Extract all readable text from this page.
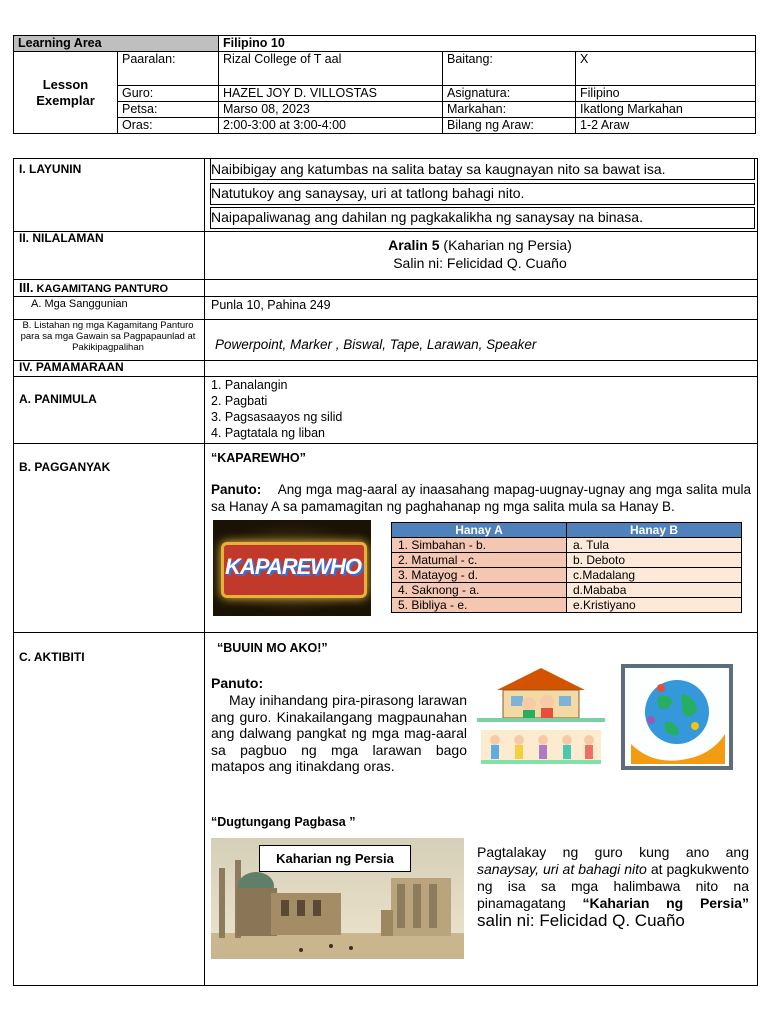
Learning Area		Filipino 10		
Lesson Exemplar	Paaralan:	Rizal College of T aal	Baitang:	X
	Guro:	HAZEL JOY D. VILLOSTAS	Asignatura:	Filipino
	Petsa:	Marso 08, 2023	Markahan:	Ikatlong Markahan
	Oras:	2:00-3:00 at 3:00-4:00	Bilang ng Araw:	1-2 Araw
I. LAYUNIN	Naibibigay ang katumbas na salita batay sa kaugnayan nito sa bawat isa.
Natutukoy ang sanaysay, uri at tatlong bahagi nito.
Naipapaliwanag ang dahilan ng pagkakalikha ng sanaysay na binasa.
II. NILALAMAN	Aralin 5 (Kaharian ng Persia)
Salin ni: Felicidad Q. Cuaño
III. KAGAMITANG PANTURO
A. Mga Sanggunian	Punla 10, Pahina 249
B. Listahan ng mga Kagamitang Panturo para sa mga Gawain sa Pagpapaunlad at Pakikipagpalihan	Powerpoint, Marker , Biswal, Tape, Larawan, Speaker
IV. PAMAMARAAN
A. PANIMULA
1. Panalangin
2. Pagbati
3. Pagsasaayos ng silid
4. Pagtatala ng liban
B. PAGGANYAK
“KAPAREWHO”
Panuto: Ang mga mag-aaral ay inaasahang mapag-uugnay-ugnay ang mga salita mula sa Hanay A sa pamamagitan ng paghahanap ng mga salita mula sa Hanay B.
KAPAREWHO
Hanay A	Hanay B
1. Simbahan - b.	a. Tula
2. Matumal - c.	b. Deboto
3. Matayog - d.	c.Madalang
4. Saknong - a.	d.Mababa
5. Bibliya - e.	e.Kristiyano
C. AKTIBITI
“BUUIN MO AKO!”
Panuto:
May inihandang pira-pirasong larawan ang guro. Kinakailangang magpaunahan ang dalwang pangkat ng mga mag-aaral sa pagbuo ng mga larawan bago matapos ang itinakdang oras.
“Dugtungang Pagbasa ”
Kaharian ng Persia	Pagtalakay ng guro kung ano ang sanaysay, uri at bahagi nito at pagkukwento ng isa sa mga halimbawa nito na pinamagatang “Kaharian ng Persia” salin ni: Felicidad Q. Cuaño
